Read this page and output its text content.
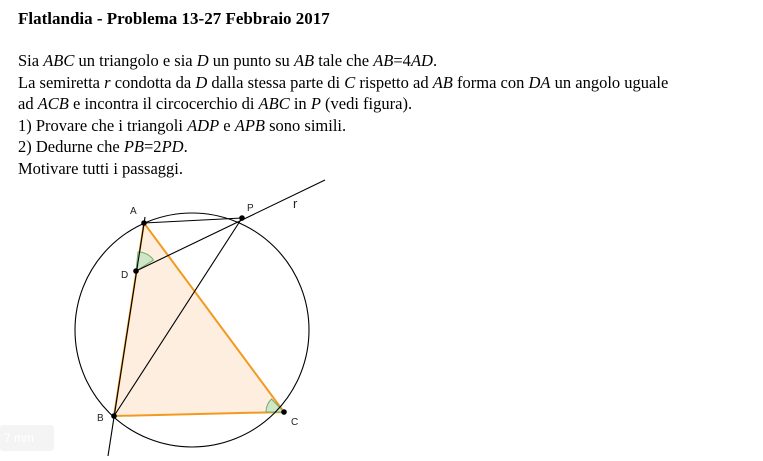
Flatlandia - Problema 13-27 Febbraio 2017
Sia ABC un triangolo e sia D un punto su AB tale che AB=4AD.
La semiretta r condotta da D dalla stessa parte di C rispetto ad AB forma con DA un angolo uguale
ad ACB e incontra il circocerchio di ABC in P (vedi figura).
1) Provare che i triangoli ADP e APB sono simili.
2) Dedurne che PB=2PD.
Motivare tutti i passaggi.
A	P
D
B	C
r
7 mm
